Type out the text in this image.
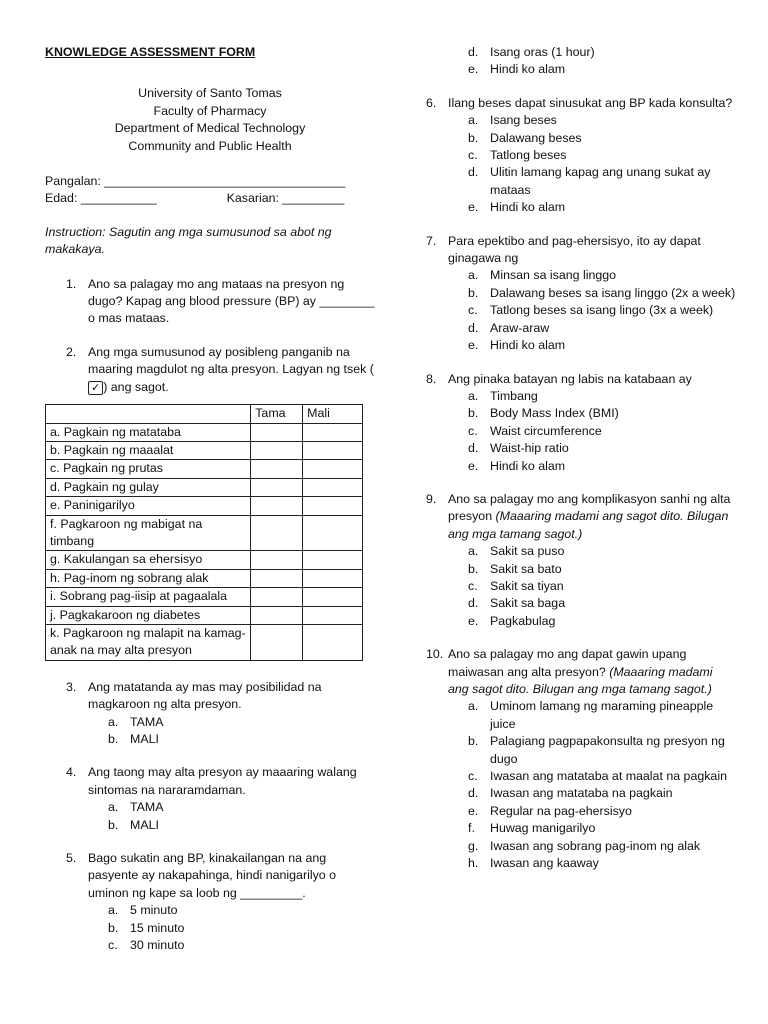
KNOWLEDGE ASSESSMENT FORM
University of Santo Tomas
Faculty of Pharmacy
Department of Medical Technology
Community and Public Health
Pangalan: ___________________________________
Edad: ___________	Kasarian: _________
Instruction: Sagutin ang mga sumusunod sa abot ng makakaya.
1. Ano sa palagay mo ang mataas na presyon ng dugo? Kapag ang blood pressure (BP) ay ________ o mas mataas.
2. Ang mga sumusunod ay posibleng panganib na maaring magdulot ng alta presyon. Lagyan ng tsek (✓ ) ang sagot.
	Tama	Mali
a. Pagkain ng matataba		
b. Pagkain ng maaalat		
c. Pagkain ng prutas		
d. Pagkain ng gulay		
e. Paninigarilyo		
f. Pagkaroon ng mabigat na timbang		
g. Kakulangan sa ehersisyo		
h. Pag-inom ng sobrang alak		
i. Sobrang pag-iisip at pagaalala		
j. Pagkakaroon ng diabetes		
k. Pagkaroon ng malapit na kamag-anak na may alta presyon		
3. Ang matatanda ay mas may posibilidad na magkaroon ng alta presyon.
a. TAMA
b. MALI
4. Ang taong may alta presyon ay maaaring walang sintomas na nararamdaman.
a. TAMA
b. MALI
5. Bago sukatin ang BP, kinakailangan na ang pasyente ay nakapahinga, hindi nanigarilyo o uminon ng kape sa loob ng _________.
a. 5 minuto
b. 15 minuto
c. 30 minuto
d. Isang oras (1 hour)
e. Hindi ko alam
6. Ilang beses dapat sinusukat ang BP kada konsulta?
a. Isang beses
b. Dalawang beses
c. Tatlong beses
d. Ulitin lamang kapag ang unang sukat ay mataas
e. Hindi ko alam
7. Para epektibo and pag-ehersisyo, ito ay dapat ginagawa ng
a. Minsan sa isang linggo
b. Dalawang beses sa isang linggo (2x a week)
c. Tatlong beses sa isang lingo (3x a week)
d. Araw-araw
e. Hindi ko alam
8. Ang pinaka batayan ng labis na katabaan ay
a. Timbang
b. Body Mass Index (BMI)
c. Waist circumference
d. Waist-hip ratio
e. Hindi ko alam
9. Ano sa palagay mo ang komplikasyon sanhi ng alta presyon (Maaaring madami ang sagot dito. Bilugan ang mga tamang sagot.)
a. Sakit sa puso
b. Sakit sa bato
c. Sakit sa tiyan
d. Sakit sa baga
e. Pagkabulag
10. Ano sa palagay mo ang dapat gawin upang maiwasan ang alta presyon? (Maaaring madami ang sagot dito. Bilugan ang mga tamang sagot.)
a. Uminom lamang ng maraming pineapple juice
b. Palagiang pagpapakonsulta ng presyon ng dugo
c. Iwasan ang matataba at maalat na pagkain
d. Iwasan ang matataba na pagkain
e. Regular na pag-ehersisyo
f.	Huwag manigarilyo
g. Iwasan ang sobrang pag-inom ng alak
h. Iwasan ang kaaway
